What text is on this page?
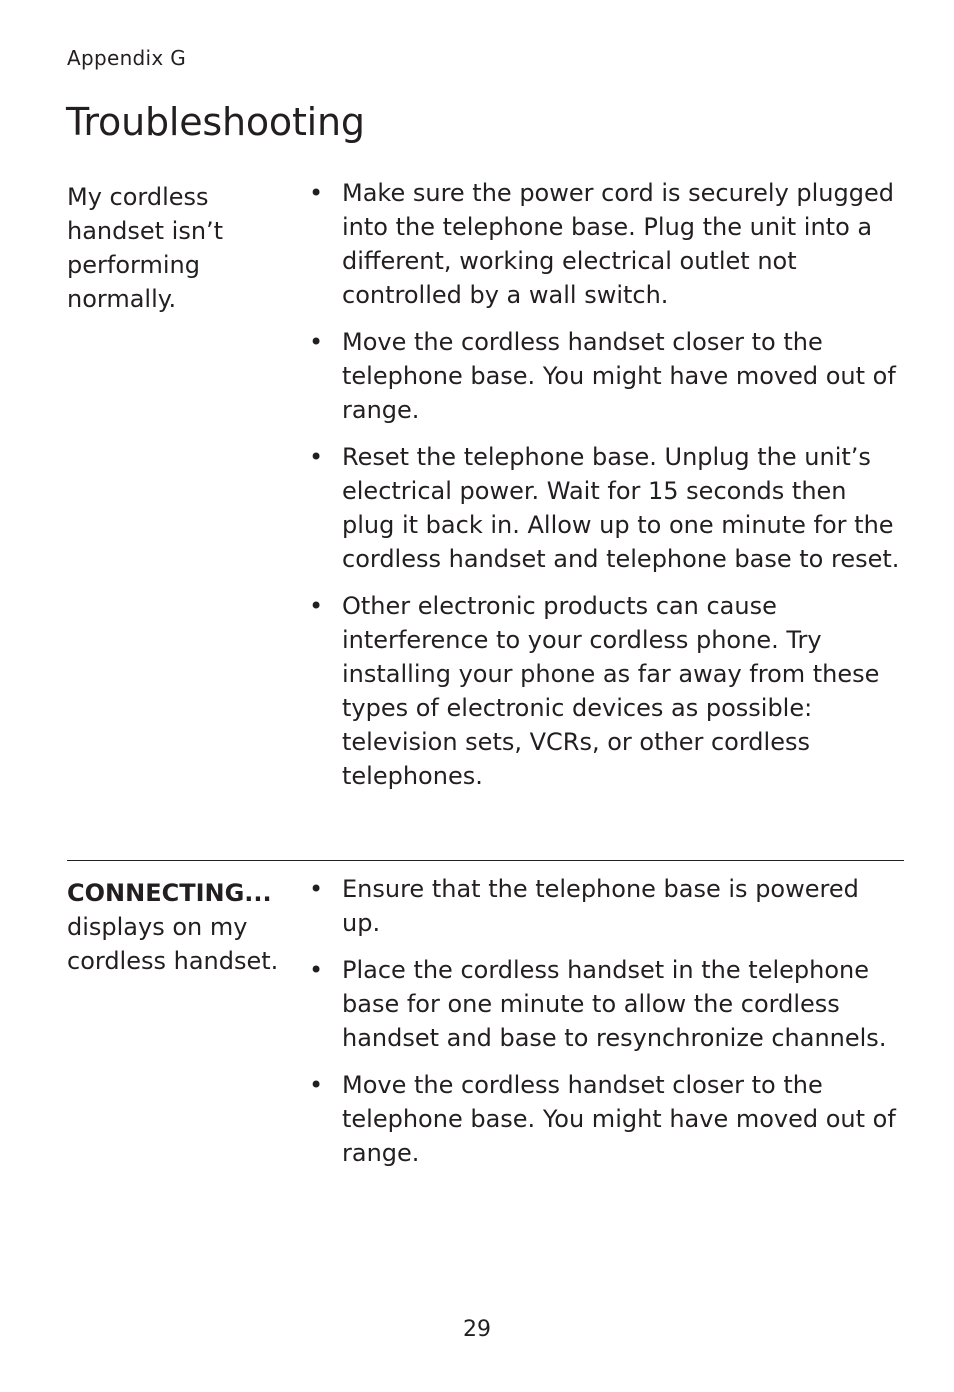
Appendix G
Troubleshooting
My cordless handset isn’t performing normally.
• Make sure the power cord is securely plugged into the telephone base. Plug the unit into a different, working electrical outlet not controlled by a wall switch.
• Move the cordless handset closer to the telephone base. You might have moved out of range.
• Reset the telephone base. Unplug the unit’s electrical power. Wait for 15 seconds then plug it back in. Allow up to one minute for the cordless handset and telephone base to reset.
• Other electronic products can cause interference to your cordless phone. Try installing your phone as far away from these types of electronic devices as possible: television sets, VCRs, or other cordless telephones.
CONNECTING...
displays on my cordless handset.
• Ensure that the telephone base is powered up.
• Place the cordless handset in the telephone base for one minute to allow the cordless handset and base to resynchronize channels.
• Move the cordless handset closer to the telephone base. You might have moved out of range.
29
